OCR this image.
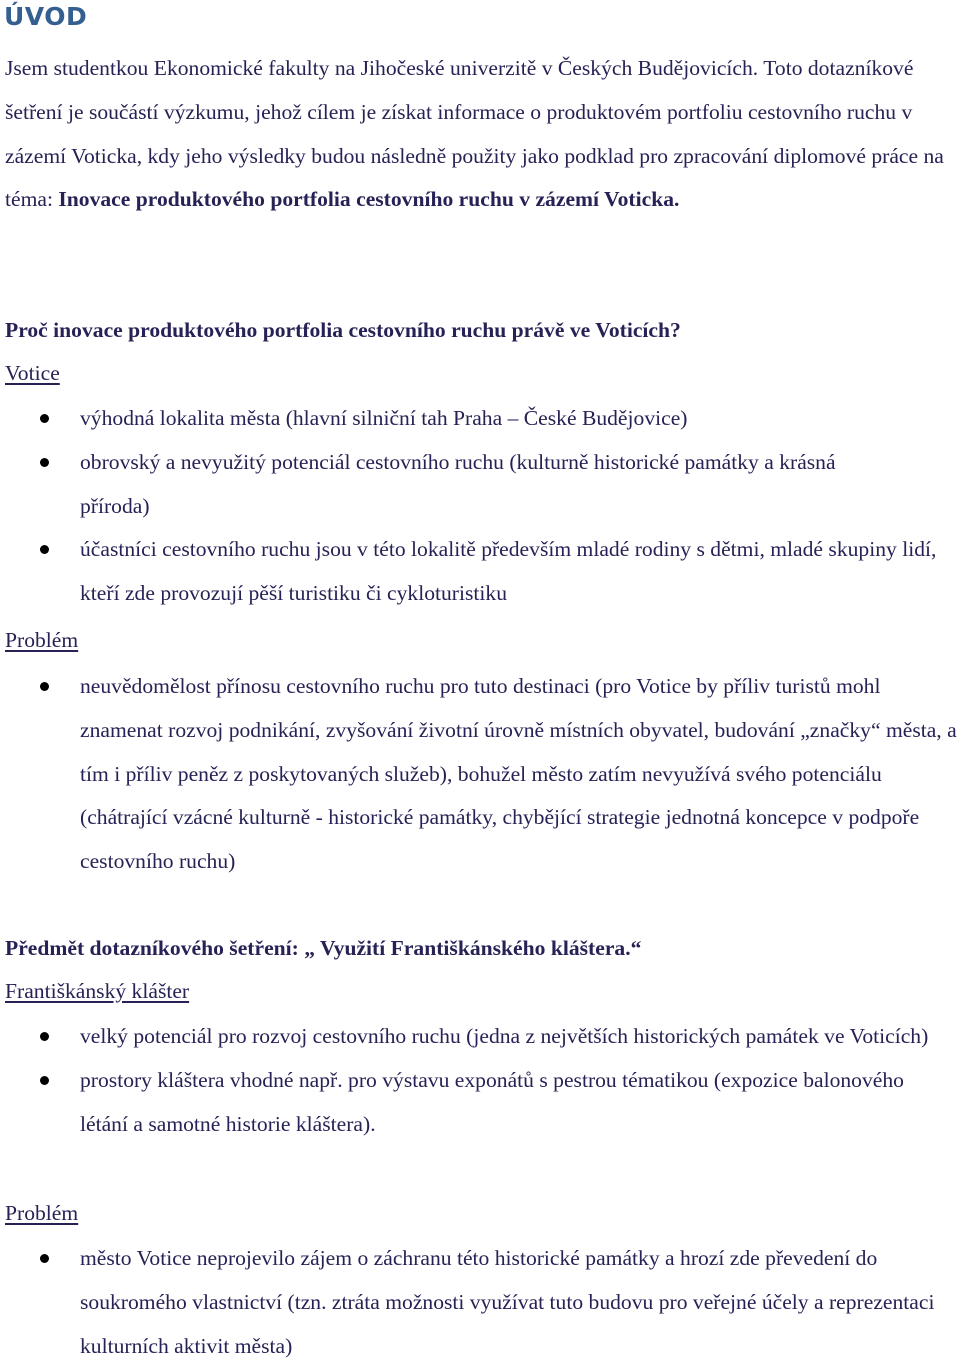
ÚVOD

Jsem studentkou Ekonomické fakulty na Jihočeské univerzitě v Českých Budějovicích. Toto dotazníkové šetření je součástí výzkumu, jehož cílem je získat informace o produktovém portfoliu cestovního ruchu v zázemí Voticka, kdy jeho výsledky budou následně použity jako podklad pro zpracování diplomové práce na téma: Inovace produktového portfolia cestovního ruchu v zázemí Voticka.

Proč inovace produktového portfolia cestovního ruchu právě ve Voticích?

Votice

výhodná lokalita města (hlavní silniční tah Praha – České Budějovice)
obrovský a nevyužitý potenciál cestovního ruchu (kulturně historické památky a krásná příroda)
účastníci cestovního ruchu jsou v této lokalitě především mladé rodiny s dětmi, mladé skupiny lidí, kteří zde provozují pěší turistiku či cykloturistiku

Problém

neuvědomělost přínosu cestovního ruchu pro tuto destinaci (pro Votice by příliv turistů mohl znamenat rozvoj podnikání, zvyšování životní úrovně místních obyvatel, budování „značky“ města, a tím i příliv peněz z poskytovaných služeb), bohužel město zatím nevyužívá svého potenciálu (chátrající vzácné kulturně - historické památky, chybějící strategie jednotná koncepce v podpoře cestovního ruchu)

Předmět dotazníkového šetření: „ Využití Františkánského kláštera.“

Františkánský klášter

velký potenciál pro rozvoj cestovního ruchu (jedna z největších historických památek ve Voticích)
prostory kláštera vhodné např. pro výstavu exponátů s pestrou tématikou (expozice balonového létání a samotné historie kláštera).

Problém

město Votice neprojevilo zájem o záchranu této historické památky a hrozí zde převedení do soukromého vlastnictví (tzn. ztráta možnosti využívat tuto budovu pro veřejné účely a reprezentaci kulturních aktivit města)
